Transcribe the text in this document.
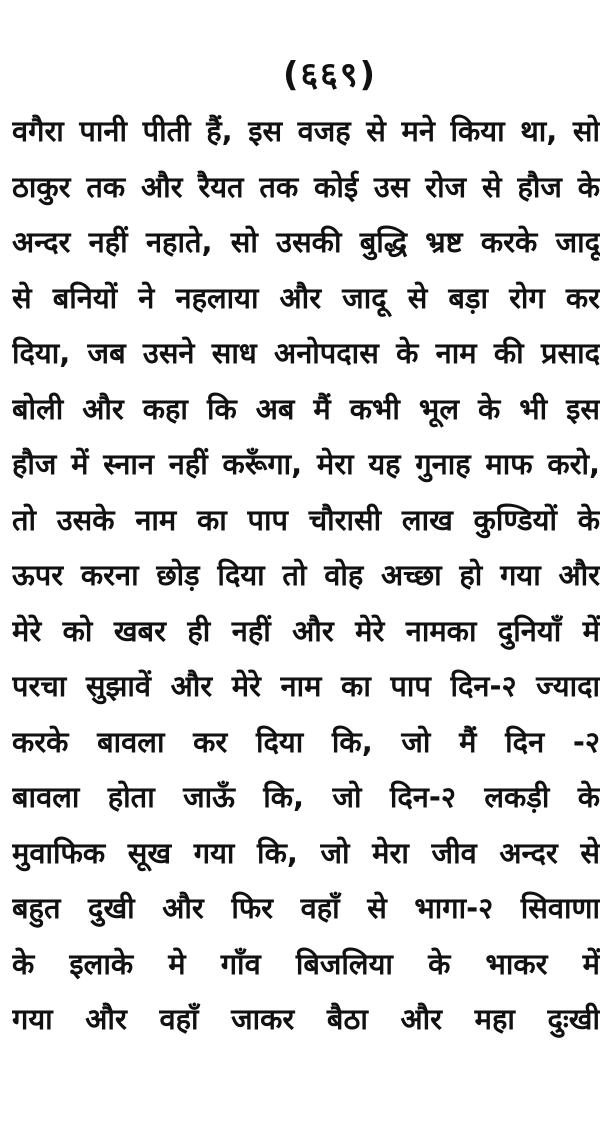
(६६९)
वगैरा पानी पीती हैं, इस वजह से मने किया था, सो
ठाकुर तक और रैयत तक कोई उस रोज से हौज के
अन्दर नहीं नहाते, सो उसकी बुद्धि भ्रष्ट करके जादू
से बनियों ने नहलाया और जादू से बड़ा रोग कर
दिया, जब उसने साध अनोपदास के नाम की प्रसाद
बोली और कहा कि अब मैं कभी भूल के भी इस
हौज में स्नान नहीं करूँगा, मेरा यह गुनाह माफ करो,
तो उसके नाम का पाप चौरासी लाख कुण्डियों के
ऊपर करना छोड़ दिया तो वोह अच्छा हो गया और
मेरे को खबर ही नहीं और मेरे नामका दुनियाँ में
परचा सुझावें और मेरे नाम का पाप दिन-२ ज्यादा
करके बावला कर दिया कि, जो मैं दिन -२
बावला होता जाऊँ कि, जो दिन-२ लकड़ी के
मुवाफिक सूख गया कि, जो मेरा जीव अन्दर से
बहुत दुखी और फिर वहाँ से भागा-२ सिवाणा
के इलाके मे गाँव बिजलिया के भाकर में
गया और वहाँ जाकर बैठा और महा दुःखी
